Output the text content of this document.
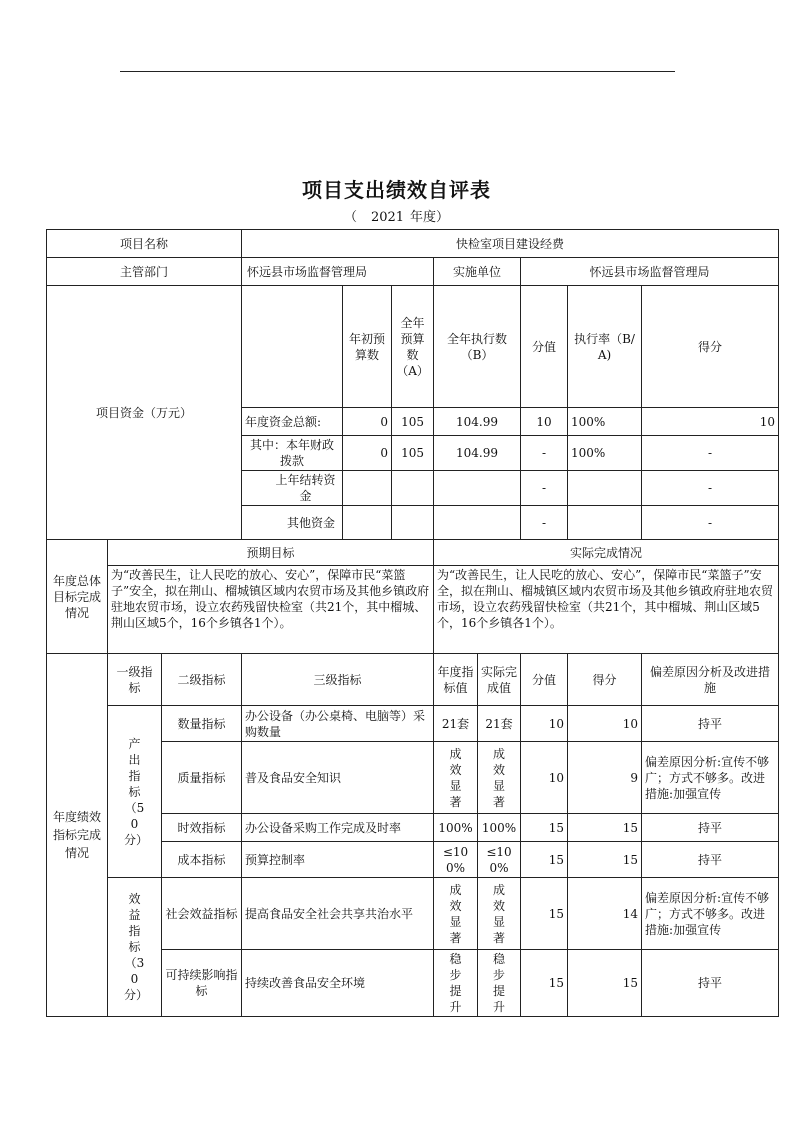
项目支出绩效自评表
（ 2021 年度）
项目名称			快检室项目建设经费							
主管部门			怀远县市场监督管理局			实施单位		怀远县市场监督管理局		
项目资金（万元）				年初预算数	全年预算数（A）	全年执行数（B）		分值	执行率（B/A)	得分
			年度资金总额:	0	105	104.99		10	100%	10
			其中：本年财政拨款	0	105	104.99		-	100%	-
			上年结转资金					-		-
			其他资金					-		-
年度总体目标完成情况	预期目标					实际完成情况				
	为“改善民生，让人民吃的放心、安心”，保障市民“菜篮子”安全，拟在荆山、榴城镇区域内农贸市场及其他乡镇政府驻地农贸市场，设立农药残留快检室（共21个，其中榴城、荆山区域5个，16个乡镇各1个）。					为“改善民生，让人民吃的放心、安心”，保障市民“菜篮子”安全，拟在荆山、榴城镇区域内农贸市场及其他乡镇政府驻地农贸市场，设立农药残留快检室（共21个，其中榴城、荆山区域5个，16个乡镇各1个）。				
年度绩效指标完成情况	一级指标	二级指标	三级指标			年度指标值	实际完成值	分值	得分	偏差原因分析及改进措施
	产出指标（50分）	数量指标	办公设备（办公桌椅、电脑等）采购数量			21套	21套	10	10	持平
		质量指标	普及食品安全知识			成效显著	成效显著	10	9	偏差原因分析:宣传不够广；方式不够多。改进措施:加强宣传
		时效指标	办公设备采购工作完成及时率			100%	100%	15	15	持平
		成本指标	预算控制率			≤100%	≤100%	15	15	持平
	效益指标（30分）	社会效益指标	提高食品安全社会共享共治水平			成效显著	成效显著	15	14	偏差原因分析:宣传不够广；方式不够多。改进措施:加强宣传
		可持续影响指标	持续改善食品安全环境			稳步提升	稳步提升	15	15	持平
